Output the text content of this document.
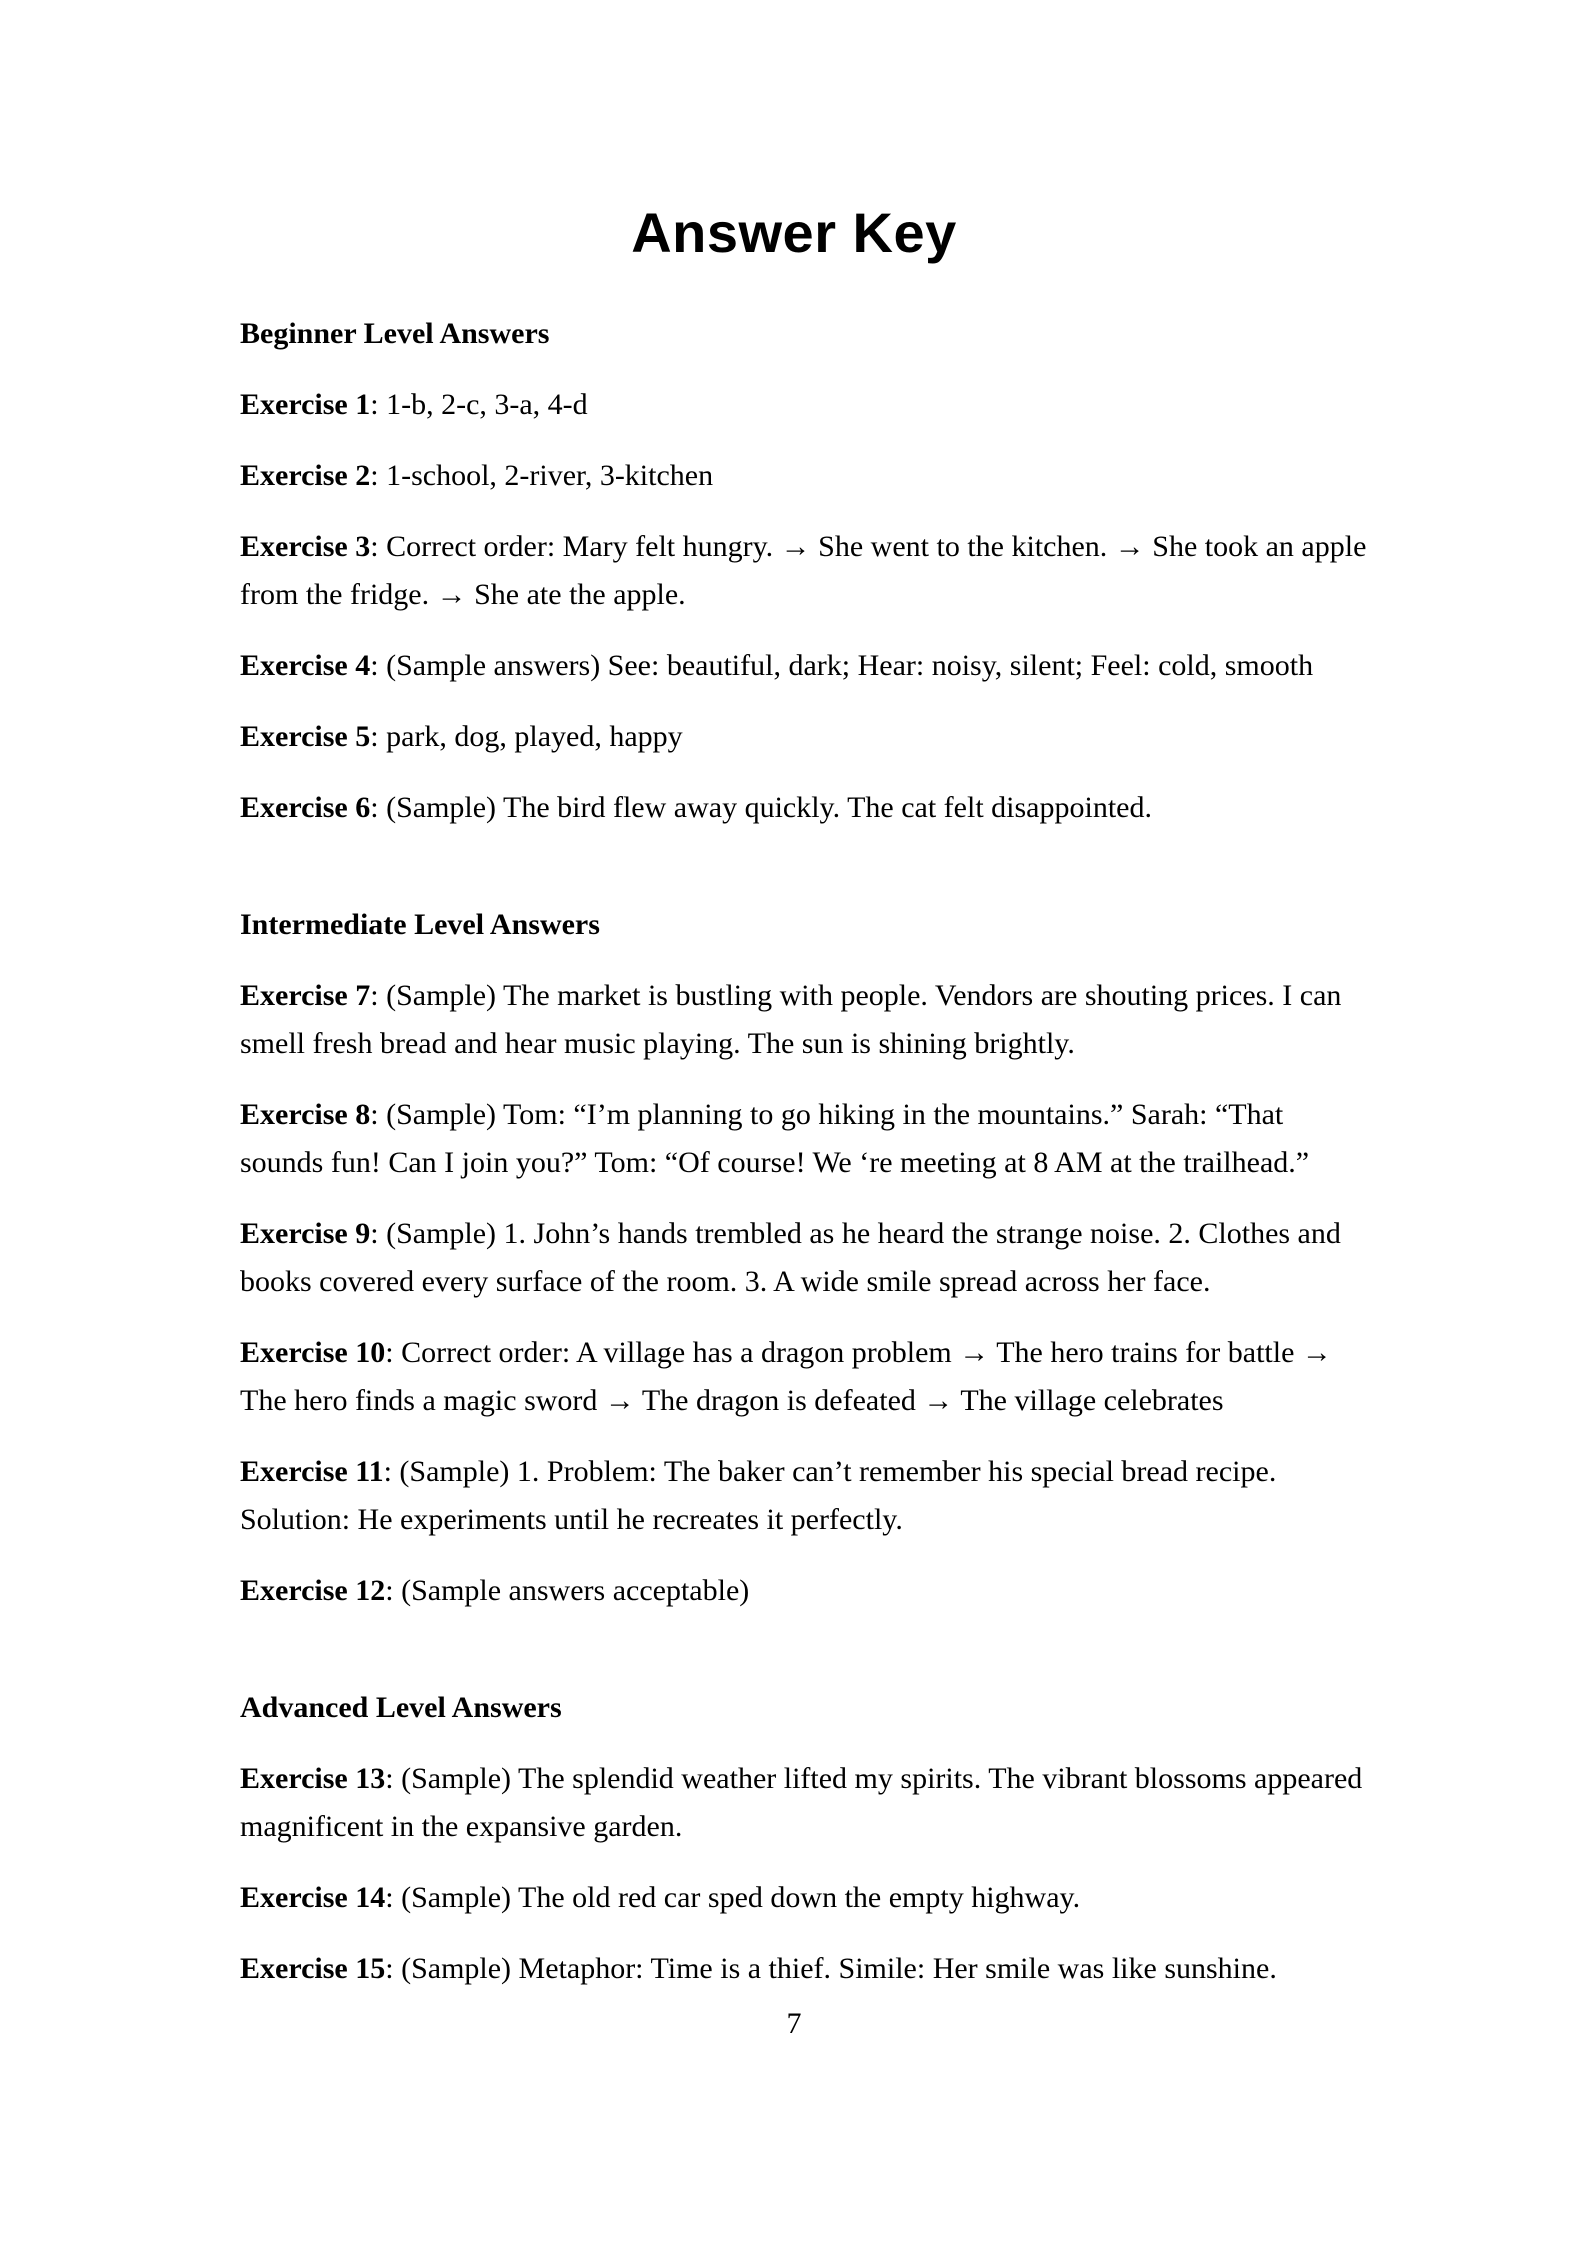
Answer Key
Beginner Level Answers

Exercise 1: 1-b, 2-c, 3-a, 4-d

Exercise 2: 1-school, 2-river, 3-kitchen

Exercise 3: Correct order: Mary felt hungry. → She went to the kitchen. → She took an apple
from the fridge. → She ate the apple.

Exercise 4: (Sample answers) See: beautiful, dark; Hear: noisy, silent; Feel: cold, smooth

Exercise 5: park, dog, played, happy

Exercise 6: (Sample) The bird flew away quickly. The cat felt disappointed.

Intermediate Level Answers

Exercise 7: (Sample) The market is bustling with people. Vendors are shouting prices. I can
smell fresh bread and hear music playing. The sun is shining brightly.

Exercise 8: (Sample) Tom: “I’m planning to go hiking in the mountains.” Sarah: “That
sounds fun! Can I join you?” Tom: “Of course! We ‘re meeting at 8 AM at the trailhead.”

Exercise 9: (Sample) 1. John’s hands trembled as he heard the strange noise. 2. Clothes and
books covered every surface of the room. 3. A wide smile spread across her face.

Exercise 10: Correct order: A village has a dragon problem → The hero trains for battle →
The hero finds a magic sword → The dragon is defeated → The village celebrates

Exercise 11: (Sample) 1. Problem: The baker can’t remember his special bread recipe.
Solution: He experiments until he recreates it perfectly.

Exercise 12: (Sample answers acceptable)

Advanced Level Answers

Exercise 13: (Sample) The splendid weather lifted my spirits. The vibrant blossoms appeared
magnificent in the expansive garden.

Exercise 14: (Sample) The old red car sped down the empty highway.

Exercise 15: (Sample) Metaphor: Time is a thief. Simile: Her smile was like sunshine.

7
